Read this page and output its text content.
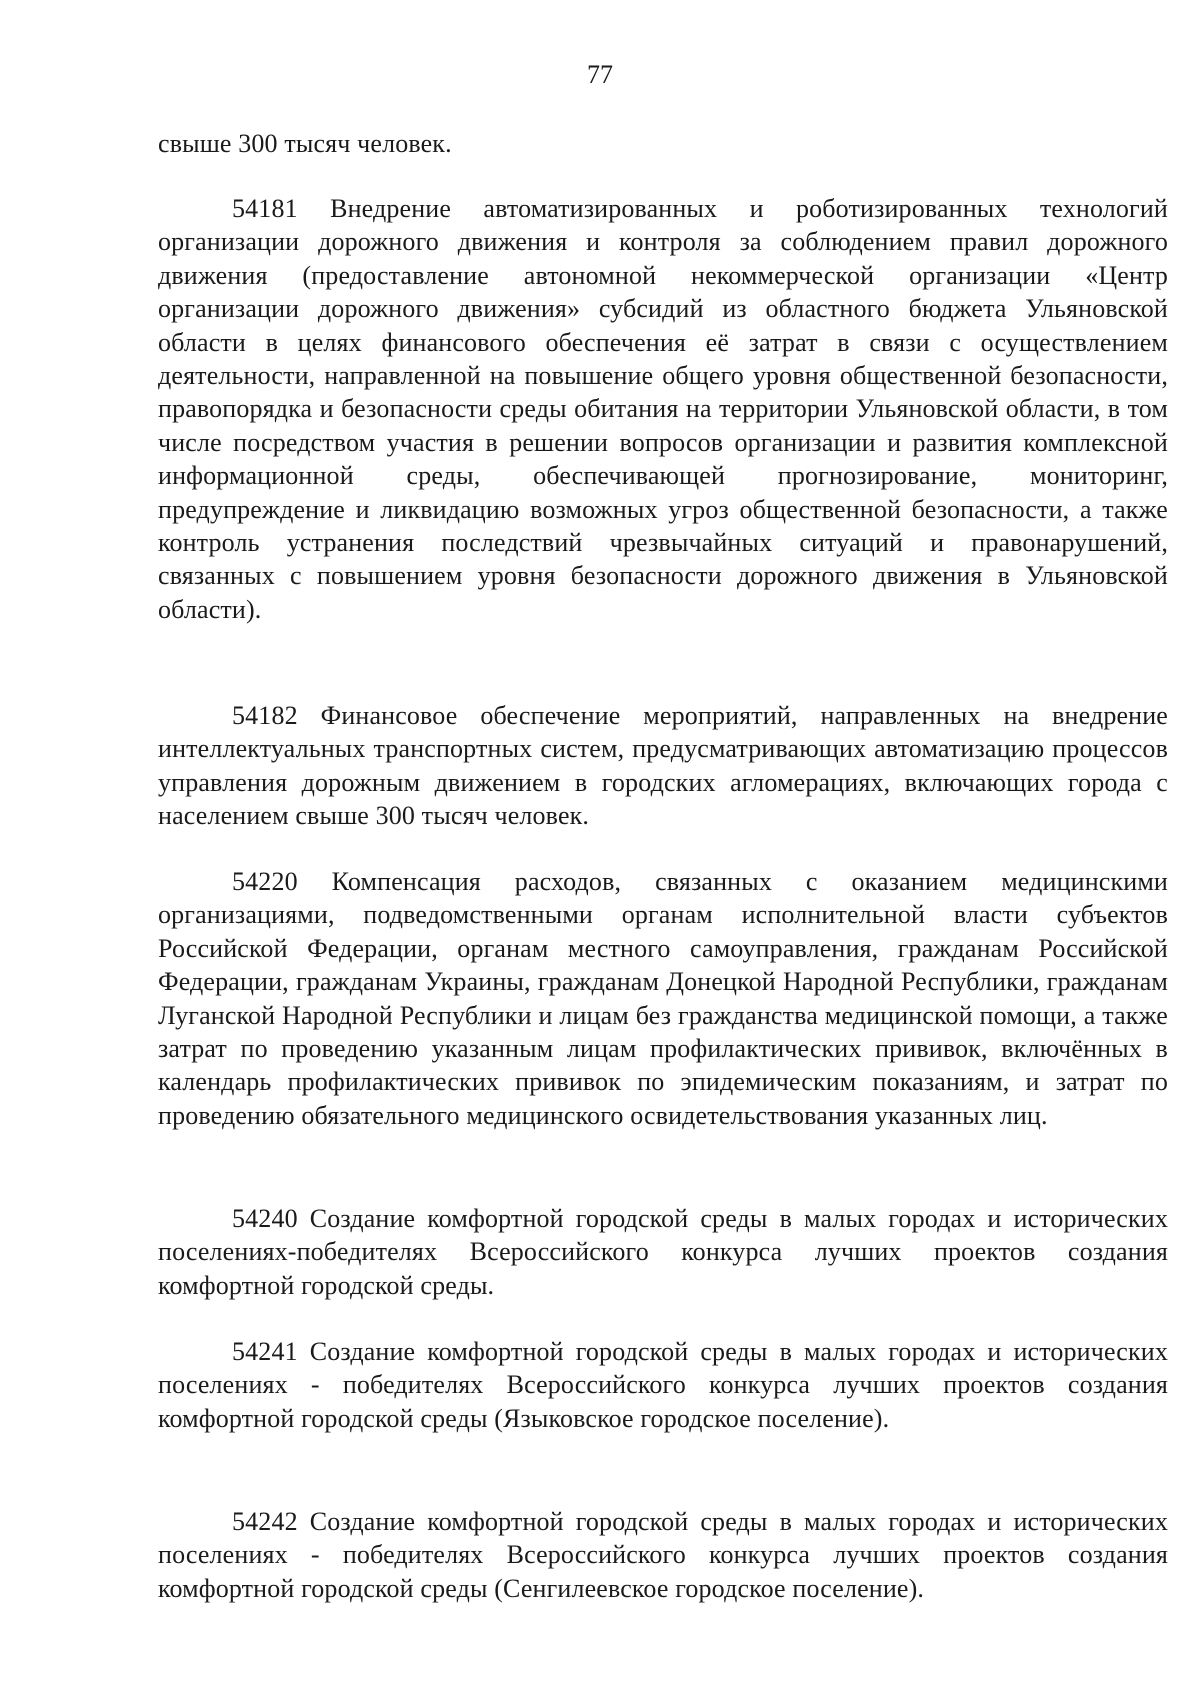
77

свыше 300 тысяч человек.

54181 Внедрение автоматизированных и роботизированных технологий организации дорожного движения и контроля за соблюдением правил дорожного движения (предоставление автономной некоммерческой организации «Центр организации дорожного движения» субсидий из областного бюджета Ульяновской области в целях финансового обеспечения её затрат в связи с осуществлением деятельности, направленной на повышение общего уровня общественной безопасности, правопорядка и безопасности среды обитания на территории Ульяновской области, в том числе посредством участия в решении вопросов организации и развития комплексной информационной среды, обеспечивающей прогнозирование, мониторинг, предупреждение и ликвидацию возможных угроз общественной безопасности, а также контроль устранения последствий чрезвычайных ситуаций и правонарушений, связанных с повышением уровня безопасности дорожного движения в Ульяновской области).

54182 Финансовое обеспечение мероприятий, направленных на внедрение интеллектуальных транспортных систем, предусматривающих автоматизацию процессов управления дорожным движением в городских агломерациях, включающих города с населением свыше 300 тысяч человек.

54220 Компенсация расходов, связанных с оказанием медицинскими организациями, подведомственными органам исполнительной власти субъектов Российской Федерации, органам местного самоуправления, гражданам Российской Федерации, гражданам Украины, гражданам Донецкой Народной Республики, гражданам Луганской Народной Республики и лицам без гражданства медицинской помощи, а также затрат по проведению указанным лицам профилактических прививок, включённых в календарь профилактических прививок по эпидемическим показаниям, и затрат по проведению обязательного медицинского освидетельствования указанных лиц.

54240 Создание комфортной городской среды в малых городах и исторических поселениях-победителях Всероссийского конкурса лучших проектов создания комфортной городской среды.

54241 Создание комфортной городской среды в малых городах и исторических поселениях - победителях Всероссийского конкурса лучших проектов создания комфортной городской среды (Языковское городское поселение).

54242 Создание комфортной городской среды в малых городах и исторических поселениях - победителях Всероссийского конкурса лучших проектов создания комфортной городской среды (Сенгилеевское городское поселение).
